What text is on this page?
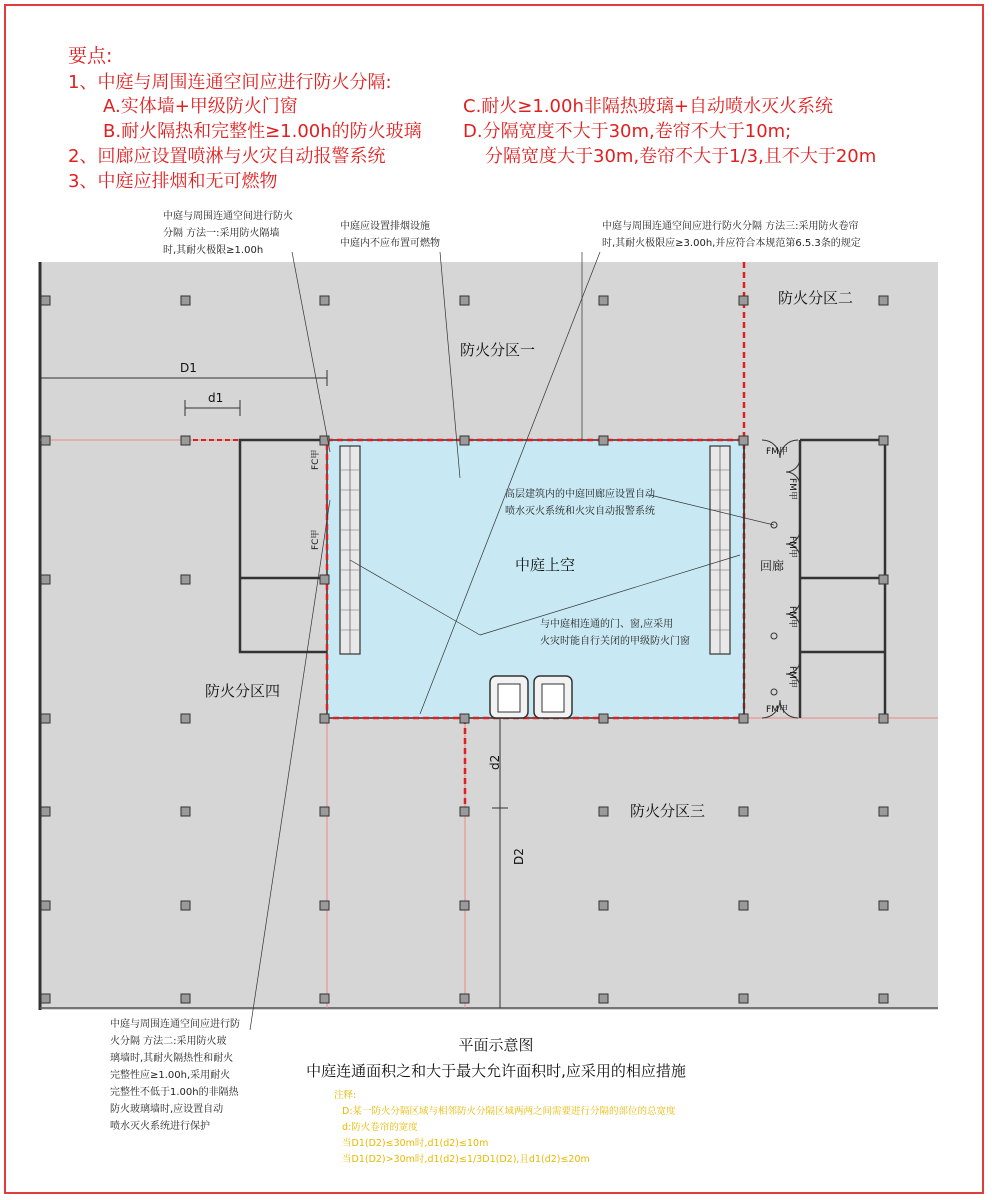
要点:
1、中庭与周围连通空间应进行防火分隔:
A.实体墙+甲级防火门窗
B.耐火隔热和完整性≥1.00h的防火玻璃
2、回廊应设置喷淋与火灾自动报警系统
3、中庭应排烟和无可燃物
C.耐火≥1.00h非隔热玻璃+自动喷水灭火系统
D.分隔宽度不大于30m,卷帘不大于10m;
分隔宽度大于30m,卷帘不大于1/3,且不大于20m
防火分区一
防火分区二
防火分区三
防火分区四
中庭上空	回廊
D1
d1
d2
D2
FC甲
FC甲
FM甲
FM甲
FM甲
FM甲
FM甲
FM甲
中庭与周围连通空间进行防火
分隔 方法一:采用防火隔墙
时,其耐火极限≥1.00h
中庭应设置排烟设施
中庭内不应布置可燃物
中庭与周围连通空间应进行防火分隔 方法三:采用防火卷帘
时,其耐火极限应≥3.00h,并应符合本规范第6.5.3条的规定
高层建筑内的中庭回廊应设置自动
喷水灭火系统和火灾自动报警系统
与中庭相连通的门、窗,应采用
火灾时能自行关闭的甲级防火门窗
中庭与周围连通空间应进行防
火分隔 方法二:采用防火玻
璃墙时,其耐火隔热性和耐火
完整性应≥1.00h,采用耐火
完整性不低于1.00h的非隔热
防火玻璃墙时,应设置自动
喷水灭火系统进行保护
平面示意图
中庭连通面积之和大于最大允许面积时,应采用的相应措施
注释:
D:某一防火分隔区域与相邻防火分隔区域两两之间需要进行分隔的部位的总宽度
d:防火卷帘的宽度
当D1(D2)≤30m时,d1(d2)≤10m
当D1(D2)>30m时,d1(d2)≤1/3D1(D2),且d1(d2)≤20m
